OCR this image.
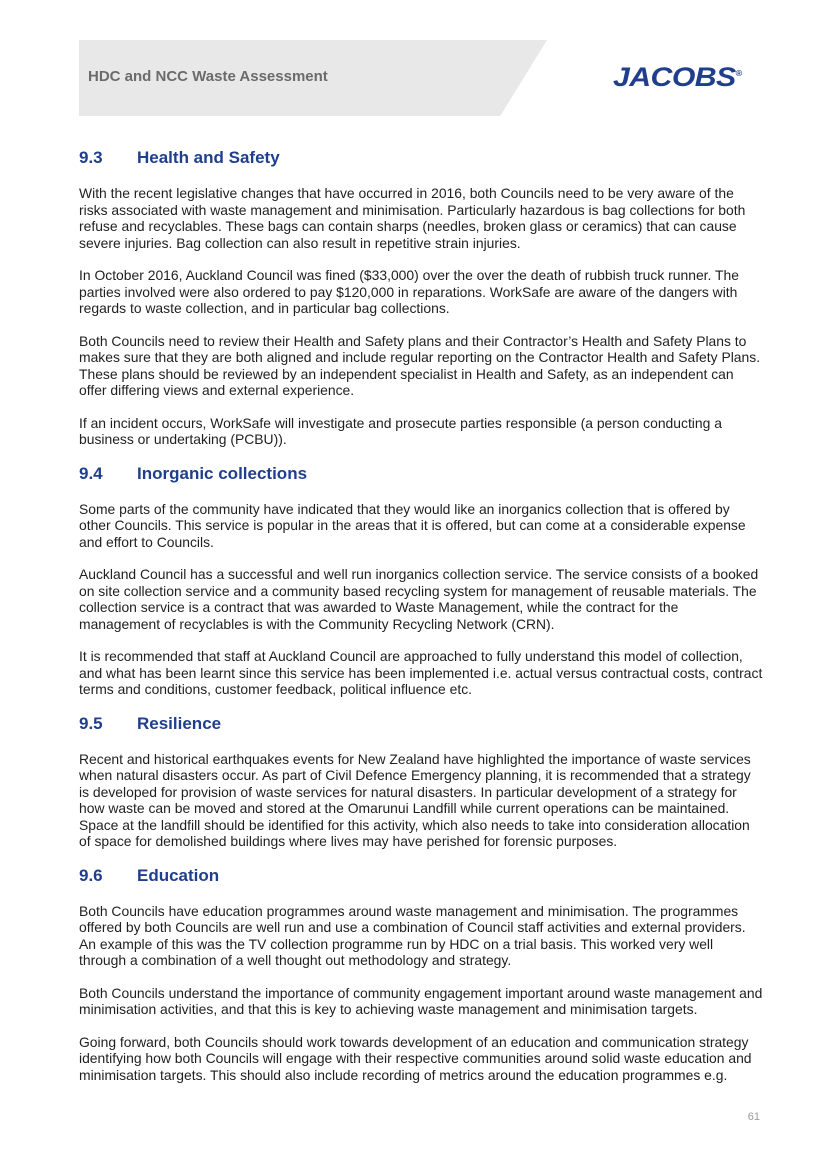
HDC and NCC Waste Assessment	JACOBS®
9.3	Health and Safety

With the recent legislative changes that have occurred in 2016, both Councils need to be very aware of the risks associated with waste management and minimisation. Particularly hazardous is bag collections for both refuse and recyclables. These bags can contain sharps (needles, broken glass or ceramics) that can cause severe injuries. Bag collection can also result in repetitive strain injuries.

In October 2016, Auckland Council was fined ($33,000) over the over the death of rubbish truck runner. The parties involved were also ordered to pay $120,000 in reparations. WorkSafe are aware of the dangers with regards to waste collection, and in particular bag collections.

Both Councils need to review their Health and Safety plans and their Contractor’s Health and Safety Plans to makes sure that they are both aligned and include regular reporting on the Contractor Health and Safety Plans. These plans should be reviewed by an independent specialist in Health and Safety, as an independent can offer differing views and external experience.

If an incident occurs, WorkSafe will investigate and prosecute parties responsible (a person conducting a business or undertaking (PCBU)).

9.4	Inorganic collections

Some parts of the community have indicated that they would like an inorganics collection that is offered by other Councils. This service is popular in the areas that it is offered, but can come at a considerable expense and effort to Councils.

Auckland Council has a successful and well run inorganics collection service. The service consists of a booked on site collection service and a community based recycling system for management of reusable materials. The collection service is a contract that was awarded to Waste Management, while the contract for the management of recyclables is with the Community Recycling Network (CRN).

It is recommended that staff at Auckland Council are approached to fully understand this model of collection, and what has been learnt since this service has been implemented i.e. actual versus contractual costs, contract terms and conditions, customer feedback, political influence etc.

9.5	Resilience

Recent and historical earthquakes events for New Zealand have highlighted the importance of waste services when natural disasters occur. As part of Civil Defence Emergency planning, it is recommended that a strategy is developed for provision of waste services for natural disasters. In particular development of a strategy for how waste can be moved and stored at the Omarunui Landfill while current operations can be maintained. Space at the landfill should be identified for this activity, which also needs to take into consideration allocation of space for demolished buildings where lives may have perished for forensic purposes.

9.6	Education

Both Councils have education programmes around waste management and minimisation. The programmes offered by both Councils are well run and use a combination of Council staff activities and external providers. An example of this was the TV collection programme run by HDC on a trial basis. This worked very well through a combination of a well thought out methodology and strategy.

Both Councils understand the importance of community engagement important around waste management and minimisation activities, and that this is key to achieving waste management and minimisation targets.

Going forward, both Councils should work towards development of an education and communication strategy identifying how both Councils will engage with their respective communities around solid waste education and minimisation targets. This should also include recording of metrics around the education programmes e.g.

61
